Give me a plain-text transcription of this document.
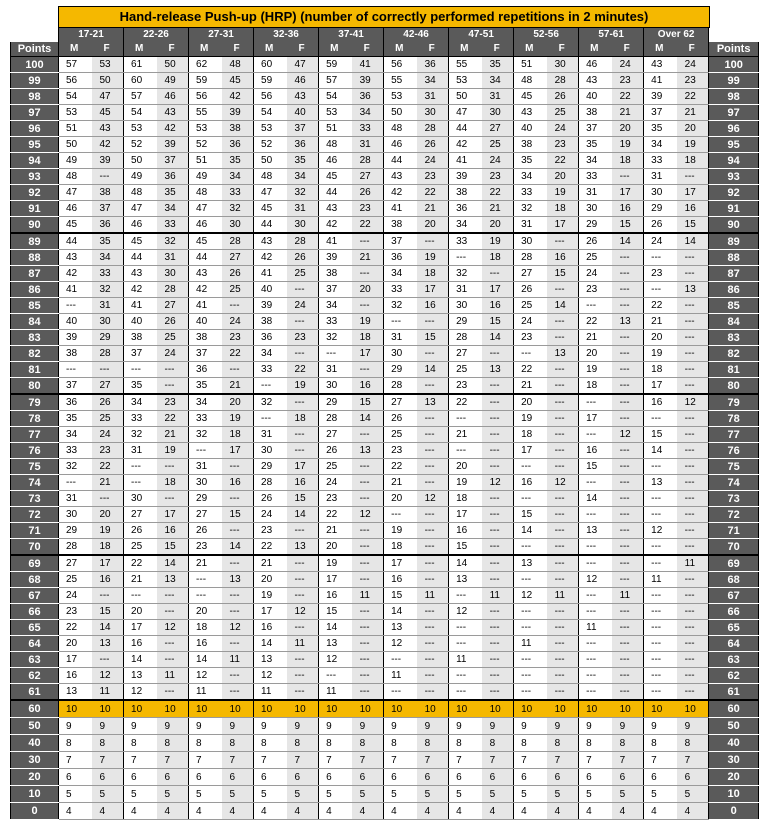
Hand-release Push-up (HRP) (number of correctly performed repetitions in 2 minutes)
	17-21		22-26		27-31		32-36		37-41		42-46		47-51		52-56		57-61		Over 62		
Points	M	F	M	F	M	F	M	F	M	F	M	F	M	F	M	F	M	F	M	F	Points
100	57	53	61	50	62	48	60	47	59	41	56	36	55	35	51	30	46	24	43	24	100
99	56	50	60	49	59	45	59	46	57	39	55	34	53	34	48	28	43	23	41	23	99
98	54	47	57	46	56	42	56	43	54	36	53	31	50	31	45	26	40	22	39	22	98
97	53	45	54	43	55	39	54	40	53	34	50	30	47	30	43	25	38	21	37	21	97
96	51	43	53	42	53	38	53	37	51	33	48	28	44	27	40	24	37	20	35	20	96
95	50	42	52	39	52	36	52	36	48	31	46	26	42	25	38	23	35	19	34	19	95
94	49	39	50	37	51	35	50	35	46	28	44	24	41	24	35	22	34	18	33	18	94
93	48	---	49	36	49	34	48	34	45	27	43	23	39	23	34	20	33	---	31	---	93
92	47	38	48	35	48	33	47	32	44	26	42	22	38	22	33	19	31	17	30	17	92
91	46	37	47	34	47	32	45	31	43	23	41	21	36	21	32	18	30	16	29	16	91
90	45	36	46	33	46	30	44	30	42	22	38	20	34	20	31	17	29	15	26	15	90
89	44	35	45	32	45	28	43	28	41	---	37	---	33	19	30	---	26	14	24	14	89
88	43	34	44	31	44	27	42	26	39	21	36	19	---	18	28	16	25	---	---	---	88
87	42	33	43	30	43	26	41	25	38	---	34	18	32	---	27	15	24	---	23	---	87
86	41	32	42	28	42	25	40	---	37	20	33	17	31	17	26	---	23	---	---	13	86
85	---	31	41	27	41	---	39	24	34	---	32	16	30	16	25	14	---	---	22	---	85
84	40	30	40	26	40	24	38	---	33	19	---	---	29	15	24	---	22	13	21	---	84
83	39	29	38	25	38	23	36	23	32	18	31	15	28	14	23	---	21	---	20	---	83
82	38	28	37	24	37	22	34	---	---	17	30	---	27	---	---	13	20	---	19	---	82
81	---	---	---	---	36	---	33	22	31	---	29	14	25	13	22	---	19	---	18	---	81
80	37	27	35	---	35	21	---	19	30	16	28	---	23	---	21	---	18	---	17	---	80
79	36	26	34	23	34	20	32	---	29	15	27	13	22	---	20	---	---	---	16	12	79
78	35	25	33	22	33	19	---	18	28	14	26	---	---	---	19	---	17	---	---	---	78
77	34	24	32	21	32	18	31	---	27	---	25	---	21	---	18	---	---	12	15	---	77
76	33	23	31	19	---	17	30	---	26	13	23	---	---	---	17	---	16	---	14	---	76
75	32	22	---	---	31	---	29	17	25	---	22	---	20	---	---	---	15	---	---	---	75
74	---	21	---	18	30	16	28	16	24	---	21	---	19	12	16	12	---	---	13	---	74
73	31	---	30	---	29	---	26	15	23	---	20	12	18	---	---	---	14	---	---	---	73
72	30	20	27	17	27	15	24	14	22	12	---	---	17	---	15	---	---	---	---	---	72
71	29	19	26	16	26	---	23	---	21	---	19	---	16	---	14	---	13	---	12	---	71
70	28	18	25	15	23	14	22	13	20	---	18	---	15	---	---	---	---	---	---	---	70
69	27	17	22	14	21	---	21	---	19	---	17	---	14	---	13	---	---	---	---	11	69
68	25	16	21	13	---	13	20	---	17	---	16	---	13	---	---	---	12	---	11	---	68
67	24	---	---	---	---	---	19	---	16	11	15	11	---	11	12	11	---	11	---	---	67
66	23	15	20	---	20	---	17	12	15	---	14	---	12	---	---	---	---	---	---	---	66
65	22	14	17	12	18	12	16	---	14	---	13	---	---	---	---	---	11	---	---	---	65
64	20	13	16	---	16	---	14	11	13	---	12	---	---	---	11	---	---	---	---	---	64
63	17	---	14	---	14	11	13	---	12	---	---	---	11	---	---	---	---	---	---	---	63
62	16	12	13	11	12	---	12	---	---	---	11	---	---	---	---	---	---	---	---	---	62
61	13	11	12	---	11	---	11	---	11	---	---	---	---	---	---	---	---	---	---	---	61
60	10	10	10	10	10	10	10	10	10	10	10	10	10	10	10	10	10	10	10	10	60
50	9	9	9	9	9	9	9	9	9	9	9	9	9	9	9	9	9	9	9	9	50
40	8	8	8	8	8	8	8	8	8	8	8	8	8	8	8	8	8	8	8	8	40
30	7	7	7	7	7	7	7	7	7	7	7	7	7	7	7	7	7	7	7	7	30
20	6	6	6	6	6	6	6	6	6	6	6	6	6	6	6	6	6	6	6	6	20
10	5	5	5	5	5	5	5	5	5	5	5	5	5	5	5	5	5	5	5	5	10
0	4	4	4	4	4	4	4	4	4	4	4	4	4	4	4	4	4	4	4	4	0
